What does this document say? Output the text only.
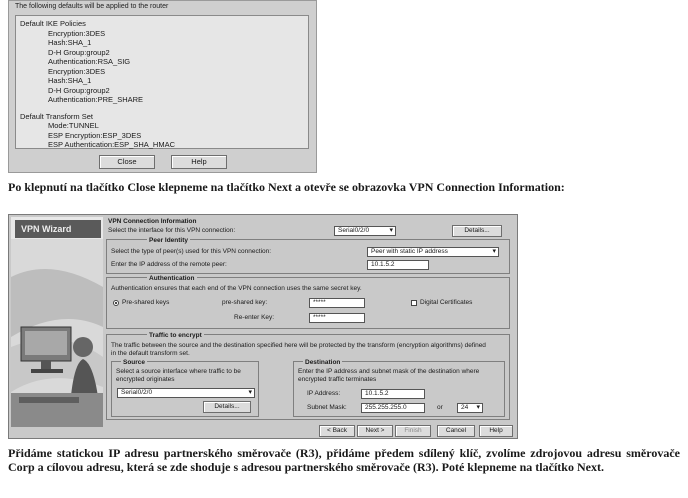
The following defaults will be applied to the router
Default IKE Policies
Encryption:3DES
Hash:SHA_1
D-H Group:group2
Authentication:RSA_SIG
Encryption:3DES
Hash:SHA_1
D-H Group:group2
Authentication:PRE_SHARE
Default Transform Set
Mode:TUNNEL
ESP Encryption:ESP_3DES
ESP Authentication:ESP_SHA_HMAC
Close	Help
Po klepnutí na tlačítko Close klepneme na tlačítko Next a otevře se obrazovka VPN Connection Information:
VPN Wizard
VPN Connection Information
Select the interface for this VPN connection:	Serial0/2/0 ▾	Details...
Peer Identity
Select the type of peer(s) used for this VPN connection:	Peer with static IP address ▾
Enter the IP address of the remote peer:	10.1.5.2
Authentication
Authentication ensures that each end of the VPN connection uses the same secret key.
Pre-shared keys	pre-shared key:	*****	Digital Certificates
Re-enter Key:	*****
Traffic to encrypt
The traffic between the source and the destination specified here will be protected by the transform (encryption algorithms) defined in the default transform set.
Source
Select a source interface where traffic to be encrypted originates
Serial0/2/0 ▾
Details...
Destination
Enter the IP address and subnet mask of the destination where encrypted traffic terminates
IP Address:	10.1.5.2
Subnet Mask:	255.255.255.0	or	24 ▾
< Back	Next >	Finish	Cancel	Help
Přidáme statickou IP adresu partnerského směrovače (R3), přidáme předem sdílený klíč, zvolíme zdrojovou adresu směrovače Corp a cílovou adresu, která se zde shoduje s adresou partnerského směrovače (R3). Poté klepneme na tlačítko Next.
